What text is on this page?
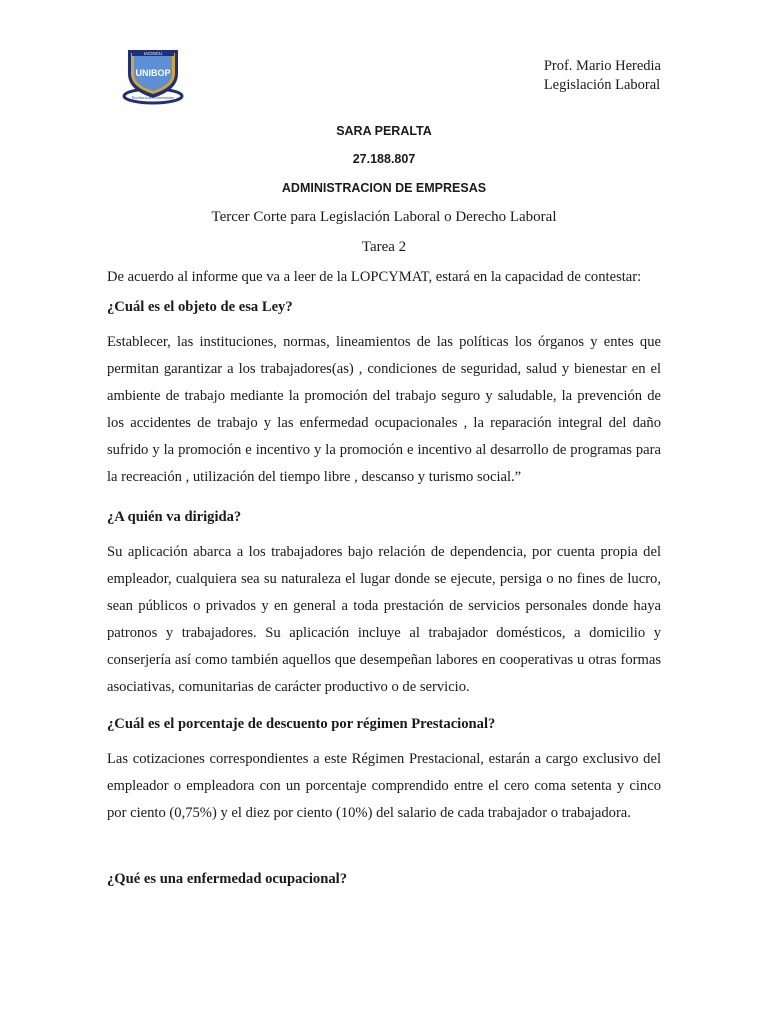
IACINCU
UNIBOP
Excelencia del Conocimiento
Prof. Mario Heredia
Legislación Laboral
SARA PERALTA
27.188.807
ADMINISTRACION DE EMPRESAS
Tercer Corte para Legislación Laboral o Derecho Laboral
Tarea 2
De acuerdo al informe que va a leer de la LOPCYMAT, estará en la capacidad de contestar:
¿Cuál es el objeto de esa Ley?
Establecer, las instituciones, normas, lineamientos de las políticas los órganos y entes que permitan garantizar a los trabajadores(as) , condiciones de seguridad, salud y bienestar en el ambiente de trabajo mediante la promoción del trabajo seguro y saludable, la prevención de los accidentes de trabajo y las enfermedad ocupacionales , la reparación integral del daño sufrido y la promoción e incentivo y la promoción e incentivo al desarrollo de programas para la recreación , utilización del tiempo libre , descanso y turismo social.”
¿A quién va dirigida?
Su aplicación abarca a los trabajadores bajo relación de dependencia, por cuenta propia del empleador, cualquiera sea su naturaleza el lugar donde se ejecute, persiga o no fines de lucro, sean públicos o privados y en general a toda prestación de servicios personales donde haya patronos y trabajadores. Su aplicación incluye al trabajador domésticos, a domicilio y conserjería así como también aquellos que desempeñan labores en cooperativas u otras formas asociativas, comunitarias de carácter productivo o de servicio.
¿Cuál es el porcentaje de descuento por régimen Prestacional?
Las cotizaciones correspondientes a este Régimen Prestacional, estarán a cargo exclusivo del empleador o empleadora con un porcentaje comprendido entre el cero coma setenta y cinco por ciento (0,75%) y el diez por ciento (10%) del salario de cada trabajador o trabajadora.
¿Qué es una enfermedad ocupacional?
